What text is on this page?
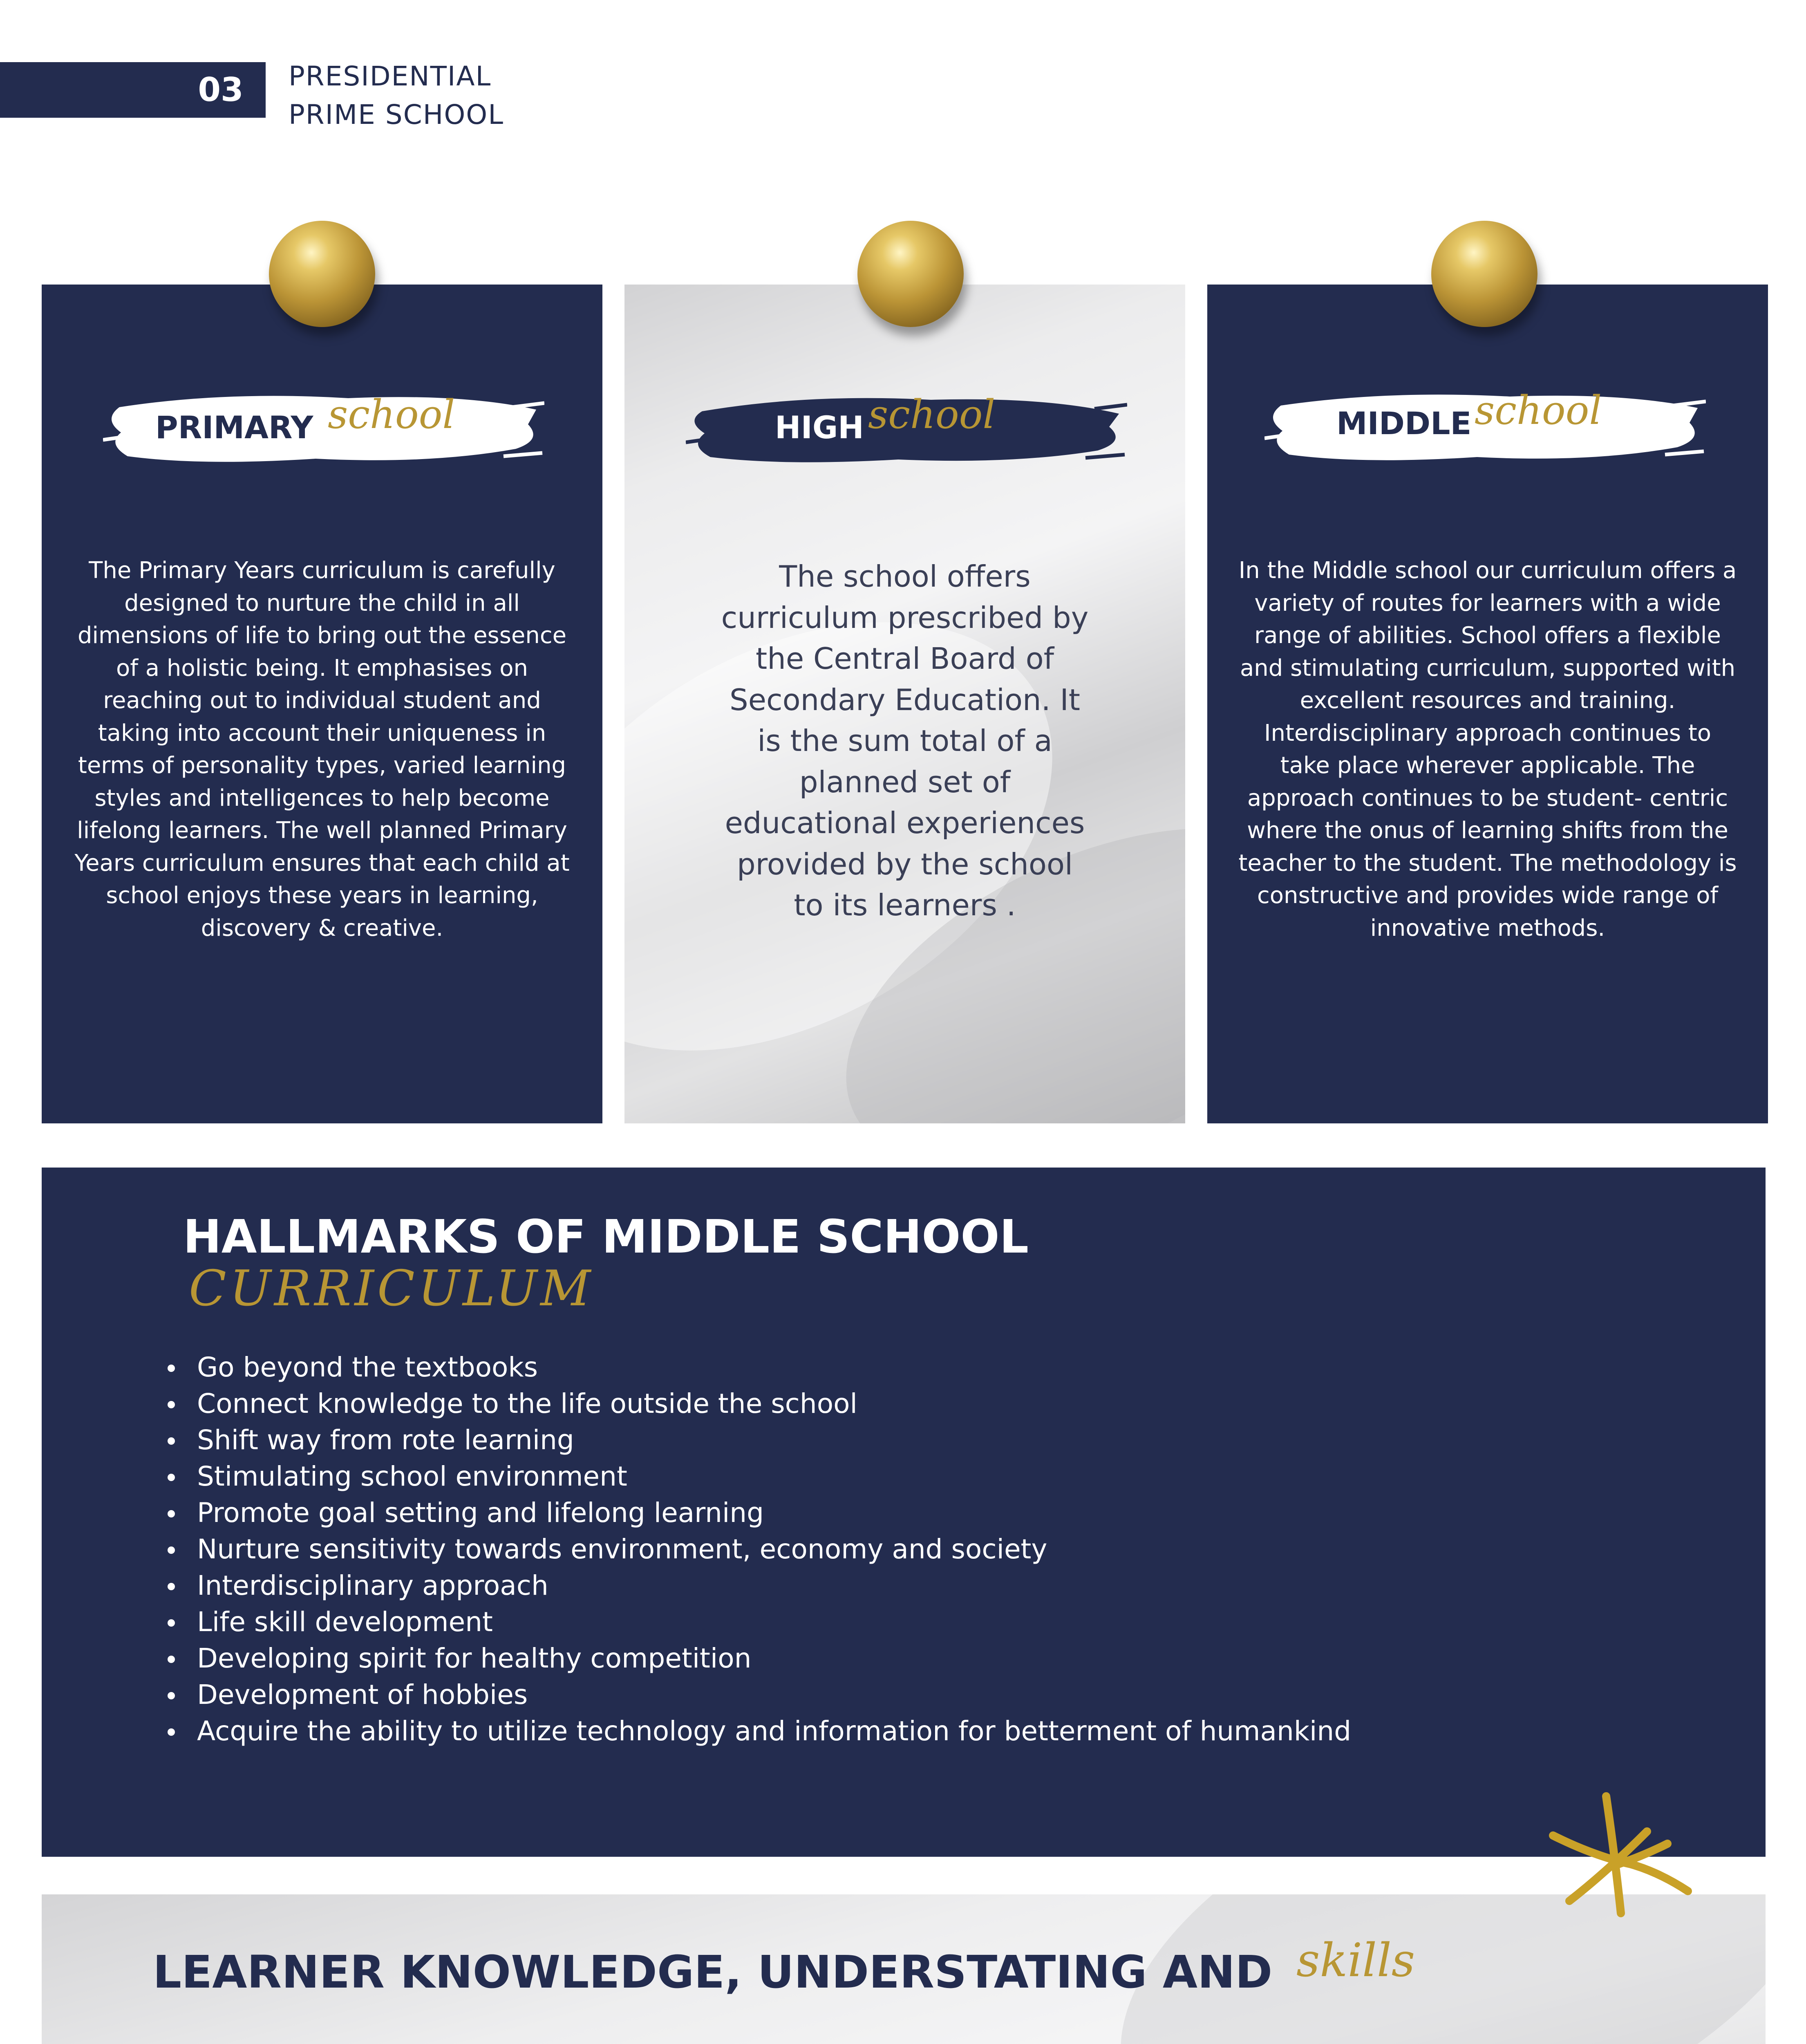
03 PRESIDENTIAL
PRIME SCHOOL
PRIMARY school
The Primary Years curriculum is carefully designed to nurture the child in all dimensions of life to bring out the essence of a holistic being. It emphasises on reaching out to individual student and taking into account their uniqueness in terms of personality types, varied learning styles and intelligences to help become lifelong learners. The well planned Primary Years curriculum ensures that each child at school enjoys these years in learning, discovery & creative.
HIGH school
The school offers curriculum prescribed by the Central Board of Secondary Education. It is the sum total of a planned set of educational experiences provided by the school to its learners .
MIDDLE school
In the Middle school our curriculum offers a variety of routes for learners with a wide range of abilities. School offers a flexible and stimulating curriculum, supported with excellent resources and training. Interdisciplinary approach continues to take place wherever applicable. The approach continues to be student- centric where the onus of learning shifts from the teacher to the student. The methodology is constructive and provides wide range of innovative methods.
HALLMARKS OF MIDDLE SCHOOL
CURRICULUM
Go beyond the textbooks
Connect knowledge to the life outside the school
Shift way from rote learning
Stimulating school environment
Promote goal setting and lifelong learning
Nurture sensitivity towards environment, economy and society
Interdisciplinary approach
Life skill development
Developing spirit for healthy competition
Development of hobbies
Acquire the ability to utilize technology and information for betterment of humankind
LEARNER KNOWLEDGE, UNDERSTATING AND skills
